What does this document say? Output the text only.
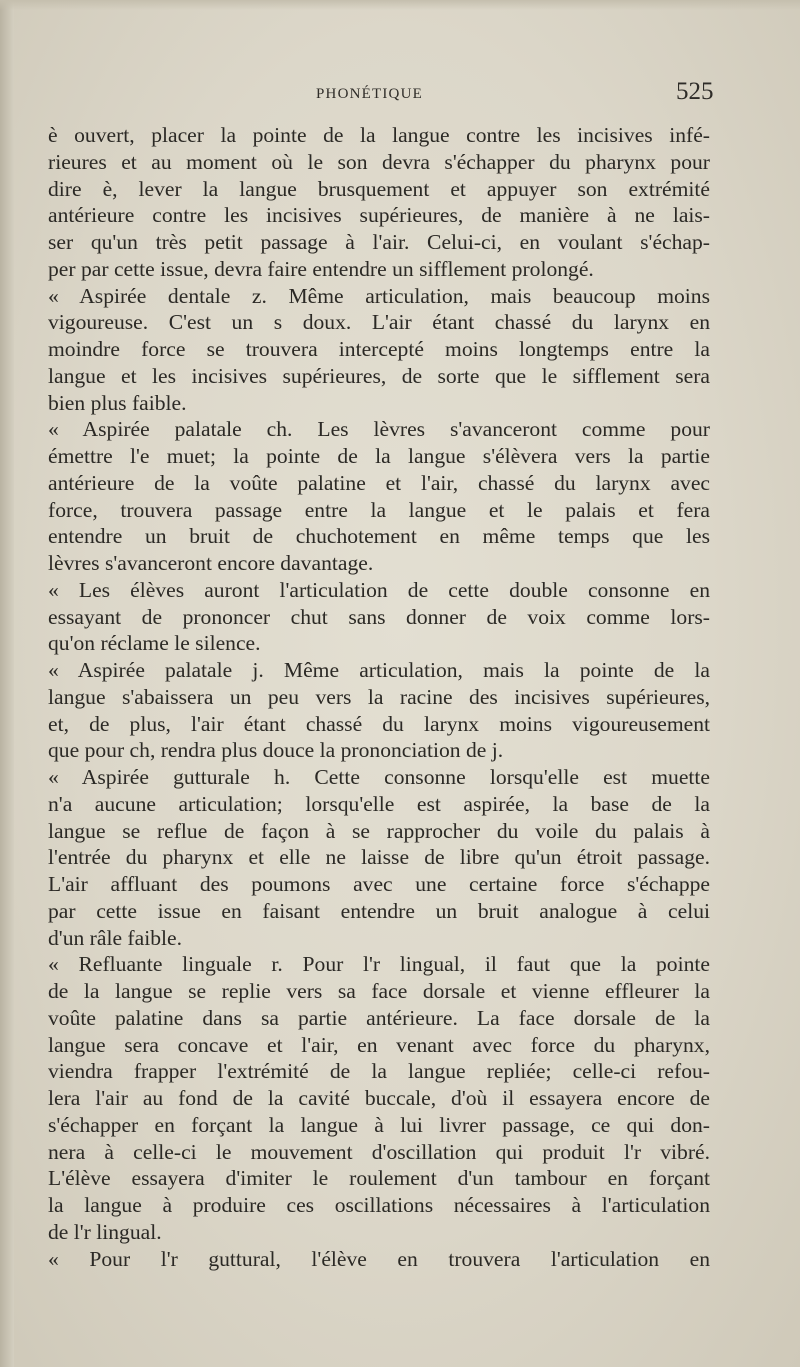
PHONÉTIQUE	525

è ouvert, placer la pointe de la langue contre les incisives infé-

rieures et au moment où le son devra s'échapper du pharynx pour

dire è, lever la langue brusquement et appuyer son extrémité

antérieure contre les incisives supérieures, de manière à ne lais-

ser qu'un très petit passage à l'air. Celui-ci, en voulant s'échap-

per par cette issue, devra faire entendre un sifflement prolongé.

« Aspirée dentale z. Même articulation, mais beaucoup moins

vigoureuse. C'est un s doux. L'air étant chassé du larynx en

moindre force se trouvera intercepté moins longtemps entre la

langue et les incisives supérieures, de sorte que le sifflement sera

bien plus faible.

« Aspirée palatale ch. Les lèvres s'avanceront comme pour

émettre l'e muet; la pointe de la langue s'élèvera vers la partie

antérieure de la voûte palatine et l'air, chassé du larynx avec

force, trouvera passage entre la langue et le palais et fera

entendre un bruit de chuchotement en même temps que les

lèvres s'avanceront encore davantage.

« Les élèves auront l'articulation de cette double consonne en

essayant de prononcer chut sans donner de voix comme lors-

qu'on réclame le silence.

« Aspirée palatale j. Même articulation, mais la pointe de la

langue s'abaissera un peu vers la racine des incisives supérieures,

et, de plus, l'air étant chassé du larynx moins vigoureusement

que pour ch, rendra plus douce la prononciation de j.

« Aspirée gutturale h. Cette consonne lorsqu'elle est muette

n'a aucune articulation; lorsqu'elle est aspirée, la base de la

langue se reflue de façon à se rapprocher du voile du palais à

l'entrée du pharynx et elle ne laisse de libre qu'un étroit passage.

L'air affluant des poumons avec une certaine force s'échappe

par cette issue en faisant entendre un bruit analogue à celui

d'un râle faible.

« Refluante linguale r. Pour l'r lingual, il faut que la pointe

de la langue se replie vers sa face dorsale et vienne effleurer la

voûte palatine dans sa partie antérieure. La face dorsale de la

langue sera concave et l'air, en venant avec force du pharynx,

viendra frapper l'extrémité de la langue repliée; celle-ci refou-

lera l'air au fond de la cavité buccale, d'où il essayera encore de

s'échapper en forçant la langue à lui livrer passage, ce qui don-

nera à celle-ci le mouvement d'oscillation qui produit l'r vibré.

L'élève essayera d'imiter le roulement d'un tambour en forçant

la langue à produire ces oscillations nécessaires à l'articulation

de l'r lingual.

« Pour l'r guttural, l'élève en trouvera l'articulation en
